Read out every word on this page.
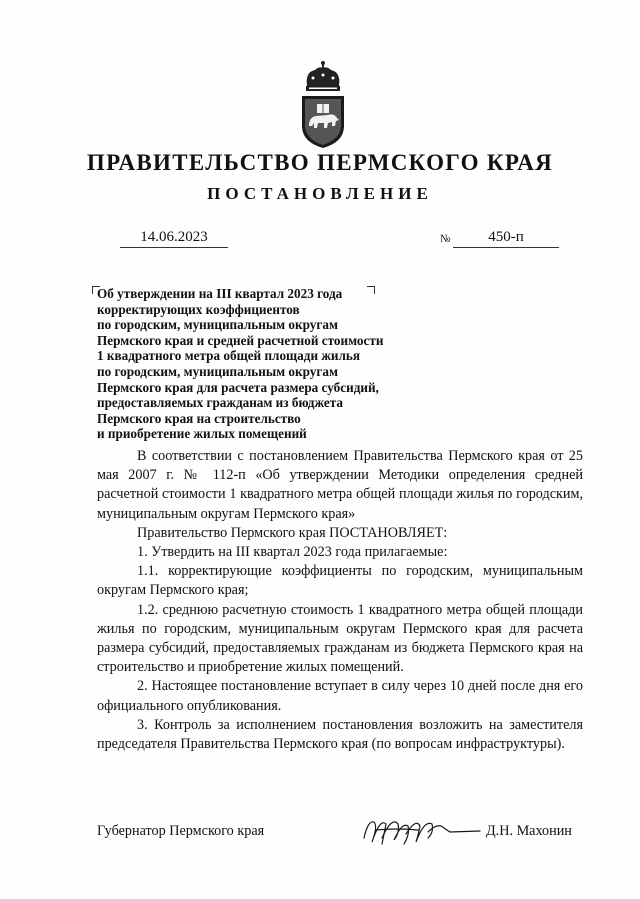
ПРАВИТЕЛЬСТВО ПЕРМСКОГО КРАЯ
ПОСТАНОВЛЕНИЕ
14.06.2023	№	450-п
Об утверждении на III квартал 2023 года
корректирующих коэффициентов
по городским, муниципальным округам
Пермского края и средней расчетной стоимости
1 квадратного метра общей площади жилья
по городским, муниципальным округам
Пермского края для расчета размера субсидий,
предоставляемых гражданам из бюджета
Пермского края на строительство
и приобретение жилых помещений

В соответствии с постановлением Правительства Пермского края от 25 мая 2007 г. № 112-п «Об утверждении Методики определения средней расчетной стоимости 1 квадратного метра общей площади жилья по городским, муниципальным округам Пермского края»

Правительство Пермского края ПОСТАНОВЛЯЕТ:

1. Утвердить на III квартал 2023 года прилагаемые:

1.1. корректирующие коэффициенты по городским, муниципальным округам Пермского края;

1.2. среднюю расчетную стоимость 1 квадратного метра общей площади жилья по городским, муниципальным округам Пермского края для расчета размера субсидий, предоставляемых гражданам из бюджета Пермского края на строительство и приобретение жилых помещений.

2. Настоящее постановление вступает в силу через 10 дней после дня его официального опубликования.

3. Контроль за исполнением постановления возложить на заместителя председателя Правительства Пермского края (по вопросам инфраструктуры).

Губернатор Пермского края	Д.Н. Махонин
